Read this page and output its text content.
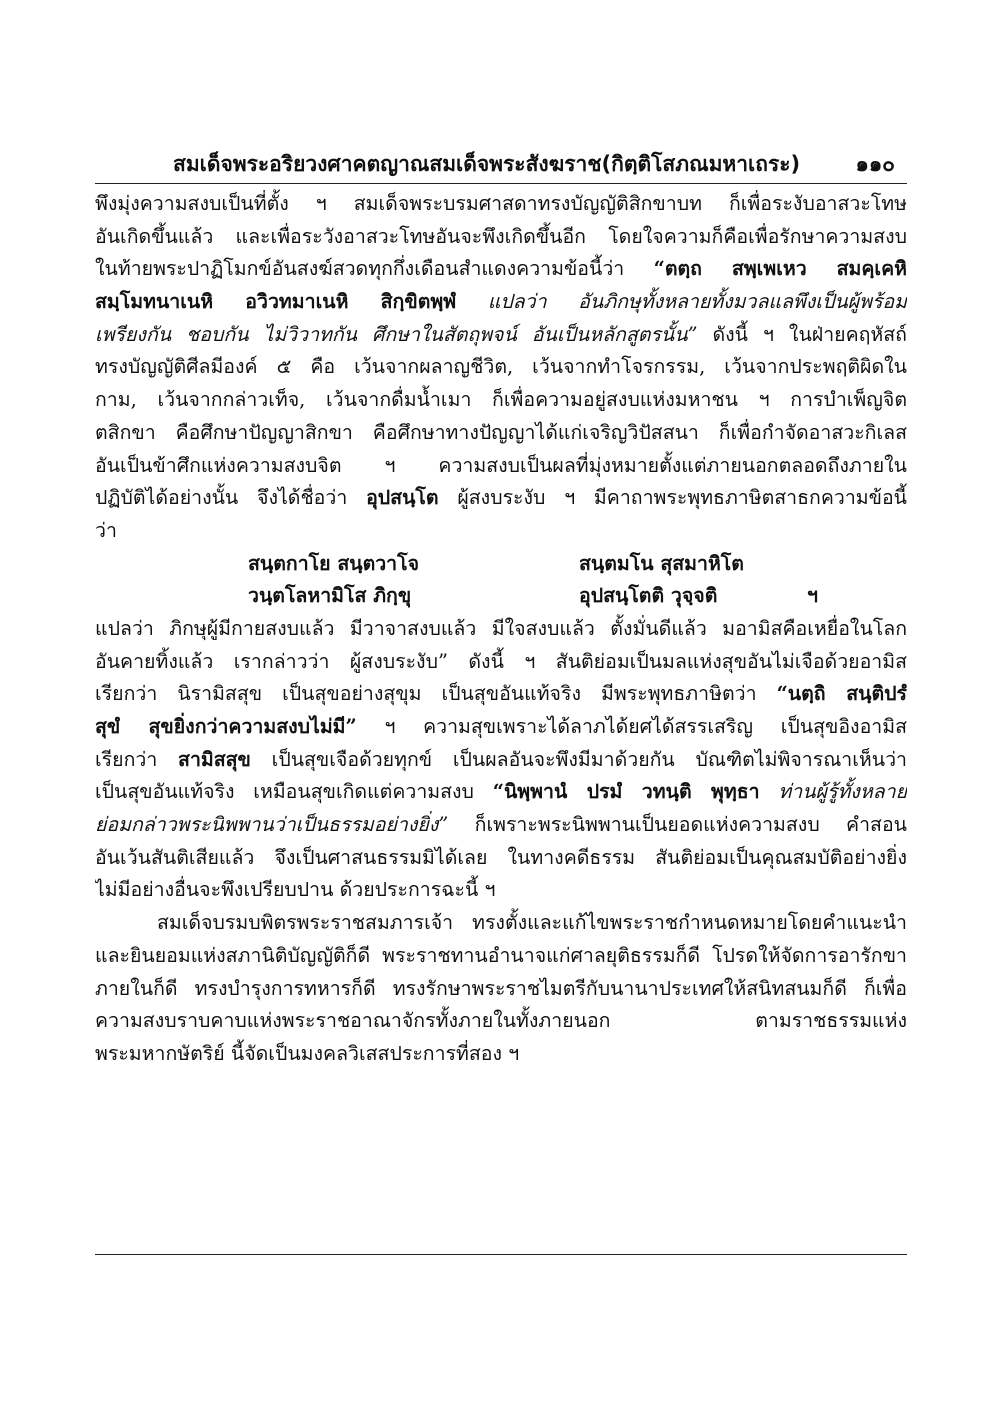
สมเด็จพระอริยวงศาคตญาณสมเด็จพระสังฆราช(กิตฺติโสภณมหาเถระ)	๑๑๐
พึงมุ่งความสงบเป็นที่ตั้ง ฯ สมเด็จพระบรมศาสดาทรงบัญญัติสิกขาบท ก็เพื่อระงับอาสวะโทษ
อันเกิดขึ้นแล้ว และเพื่อระวังอาสวะโทษอันจะพึงเกิดขึ้นอีก โดยใจความก็คือเพื่อรักษาความสงบ
ในท้ายพระปาฏิโมกข์อันสงฆ์สวดทุกกึ่งเดือนสำแดงความข้อนี้ว่า “ตตฺถ สพฺเพเหว สมคฺเคหิ
สมฺโมทนาเนหิ อวิวทมาเนหิ สิกฺขิตพฺพํ แปลว่า อันภิกษุทั้งหลายทั้งมวลแลพึงเป็นผู้พร้อม
เพรียงกัน ชอบกัน ไม่วิวาทกัน ศึกษาในสัตถุพจน์ อันเป็นหลักสูตรนั้น” ดังนี้ ฯ ในฝ่ายคฤหัสถ์
ทรงบัญญัติศีลมีองค์ ๕ คือ เว้นจากผลาญชีวิต, เว้นจากทำโจรกรรม, เว้นจากประพฤติผิดใน
กาม, เว้นจากกล่าวเท็จ, เว้นจากดื่มน้ำเมา ก็เพื่อความอยู่สงบแห่งมหาชน ฯ การบำเพ็ญจิต
ตสิกขา คือศึกษาปัญญาสิกขา คือศึกษาทางปัญญาได้แก่เจริญวิปัสสนา ก็เพื่อกำจัดอาสวะกิเลส
อันเป็นข้าศึกแห่งความสงบจิต ฯ ความสงบเป็นผลที่มุ่งหมายตั้งแต่ภายนอกตลอดถึงภายใน
ปฏิบัติได้อย่างนั้น จึงได้ชื่อว่า อุปสนฺโต ผู้สงบระงับ ฯ มีคาถาพระพุทธภาษิตสาธกความข้อนี้
ว่า
สนฺตกาโย สนฺตวาโจ	สนฺตมโน สุสมาหิโต
วนฺตโลหามิโส ภิกฺขุ	อุปสนฺโตติ วุจฺจติ	ฯ
แปลว่า ภิกษุผู้มีกายสงบแล้ว มีวาจาสงบแล้ว มีใจสงบแล้ว ตั้งมั่นดีแล้ว มอามิสคือเหยื่อในโลก
อันคายทิ้งแล้ว เรากล่าวว่า ผู้สงบระงับ” ดังนี้ ฯ สันติย่อมเป็นมลแห่งสุขอันไม่เจือด้วยอามิส
เรียกว่า นิรามิสสุข เป็นสุขอย่างสุขุม เป็นสุขอันแท้จริง มีพระพุทธภาษิตว่า “นตฺถิ สนฺติปรํ
สุขํ สุขยิ่งกว่าความสงบไม่มี” ฯ ความสุขเพราะได้ลาภได้ยศได้สรรเสริญ เป็นสุขอิงอามิส
เรียกว่า สามิสสุข เป็นสุขเจือด้วยทุกข์ เป็นผลอันจะพึงมีมาด้วยกัน บัณฑิตไม่พิจารณาเห็นว่า
เป็นสุขอันแท้จริง เหมือนสุขเกิดแต่ความสงบ “นิพฺพานํ ปรมํ วทนฺติ พุทฺธา ท่านผู้รู้ทั้งหลาย
ย่อมกล่าวพระนิพพานว่าเป็นธรรมอย่างยิ่ง” ก็เพราะพระนิพพานเป็นยอดแห่งความสงบ คำสอน
อันเว้นสันติเสียแล้ว จึงเป็นศาสนธรรมมิได้เลย ในทางคดีธรรม สันติย่อมเป็นคุณสมบัติอย่างยิ่ง
ไม่มีอย่างอื่นจะพึงเปรียบปาน ด้วยประการฉะนี้ ฯ
สมเด็จบรมบพิตรพระราชสมภารเจ้า ทรงตั้งและแก้ไขพระราชกำหนดหมายโดยคำแนะนำ
และยินยอมแห่งสภานิติบัญญัติก็ดี พระราชทานอำนาจแก่ศาลยุติธรรมก็ดี โปรดให้จัดการอารักขา
ภายในก็ดี ทรงบำรุงการทหารก็ดี ทรงรักษาพระราชไมตรีกับนานาประเทศให้สนิทสนมก็ดี ก็เพื่อ
ความสงบราบคาบแห่งพระราชอาณาจักรทั้งภายในทั้งภายนอก ตามราชธรรมแห่ง
พระมหากษัตริย์ นี้จัดเป็นมงคลวิเสสประการที่สอง ฯ
